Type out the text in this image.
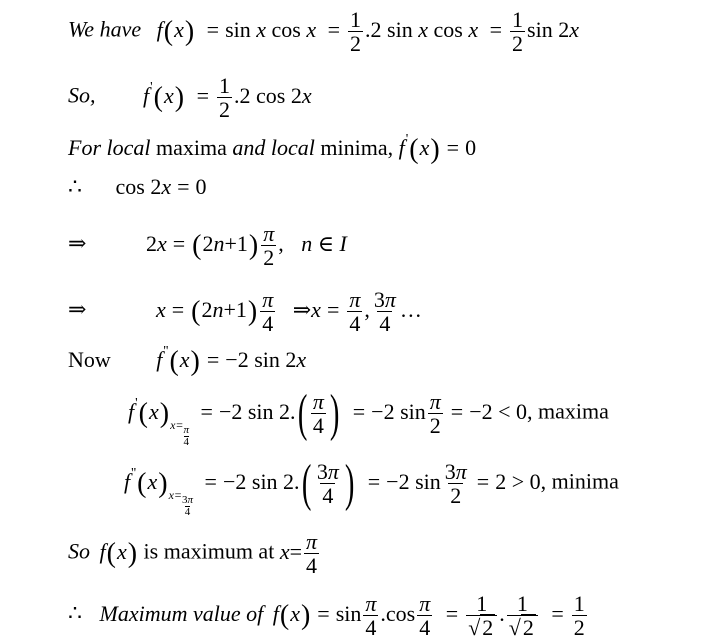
We have f(x) = sin x $\cos x = \frac{1}{2} .2$ sin x $\cos x = \frac{1}{2}$ sin 2x
So, $f'(x) = \frac{1}{2} .2$ cos 2x
For local maxima and local minima, f'(x) = 0
∴ cos 2x = 0
⇒	$2x = (2n+1) \frac{\pi}{2}$ , n ∈ I
⇒	$x = (2n+1) \frac{\pi}{4}$ ⇒x = $\frac{\pi}{4}$ , $\frac{3\pi}{4}$ …
Now f''(x) = −2 sin 2x
$f'(x)x= \frac{\pi}{4}$
= −2 $\sin 2.( \frac{\pi}{4}$ ) = −2 $\sin \frac{\pi}{2} = -2 < 0$, maxima
$f''(x)x= \frac{3\pi}{4}$
= −2 $\sin 2.( \frac{3\pi}{4}$ ) = −2 $\sin \frac{3\pi}{2} = 2 > 0$, minima
So f(x) is maximum at $x= \frac{\pi}{4}$
∴ Maximum value of $f(x) = \sin \frac{\pi}{4} .\cos \frac{\pi}{4} = \frac{1}{√2}$ . $\frac{1}{√2} = \frac{1}{2}$
